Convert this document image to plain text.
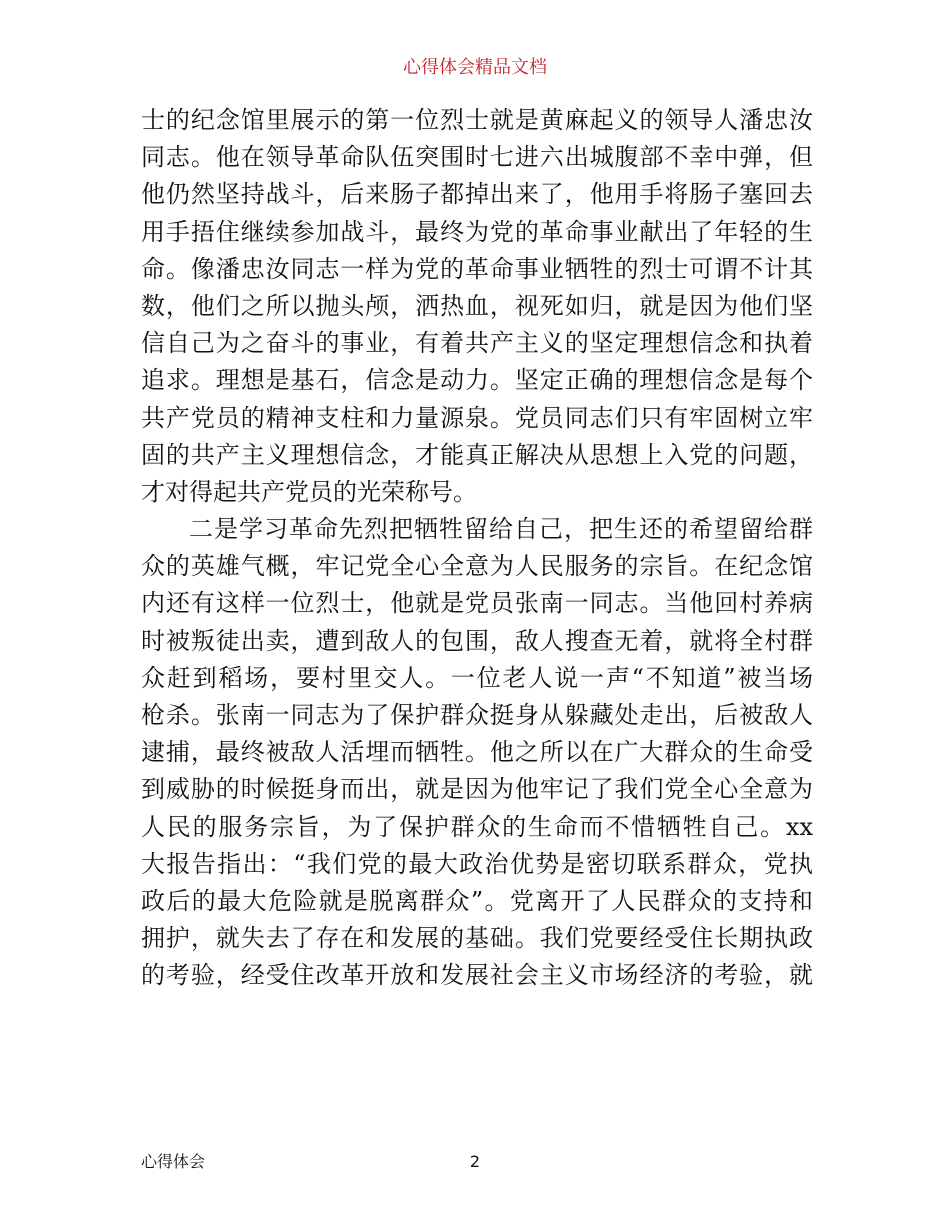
心得体会精品文档
士的纪念馆里展示的第一位烈士就是黄麻起义的领导人潘忠汝
同志。他在领导革命队伍突围时七进六出城腹部不幸中弹，但
他仍然坚持战斗，后来肠子都掉出来了，他用手将肠子塞回去
用手捂住继续参加战斗，最终为党的革命事业献出了年轻的生
命。像潘忠汝同志一样为党的革命事业牺牲的烈士可谓不计其
数，他们之所以抛头颅，洒热血，视死如归，就是因为他们坚
信自己为之奋斗的事业，有着共产主义的坚定理想信念和执着
追求。理想是基石，信念是动力。坚定正确的理想信念是每个
共产党员的精神支柱和力量源泉。党员同志们只有牢固树立牢
固的共产主义理想信念，才能真正解决从思想上入党的问题，
才对得起共产党员的光荣称号。
二是学习革命先烈把牺牲留给自己，把生还的希望留给群
众的英雄气概，牢记党全心全意为人民服务的宗旨。在纪念馆
内还有这样一位烈士，他就是党员张南一同志。当他回村养病
时被叛徒出卖，遭到敌人的包围，敌人搜查无着，就将全村群
众赶到稻场，要村里交人。一位老人说一声“不知道”被当场
枪杀。张南一同志为了保护群众挺身从躲藏处走出，后被敌人
逮捕，最终被敌人活埋而牺牲。他之所以在广大群众的生命受
到威胁的时候挺身而出，就是因为他牢记了我们党全心全意为
人民的服务宗旨，为了保护群众的生命而不惜牺牲自己。xx
大报告指出：“我们党的最大政治优势是密切联系群众，党执
政后的最大危险就是脱离群众”。党离开了人民群众的支持和
拥护，就失去了存在和发展的基础。我们党要经受住长期执政
的考验，经受住改革开放和发展社会主义市场经济的考验，就
心得体会	2
